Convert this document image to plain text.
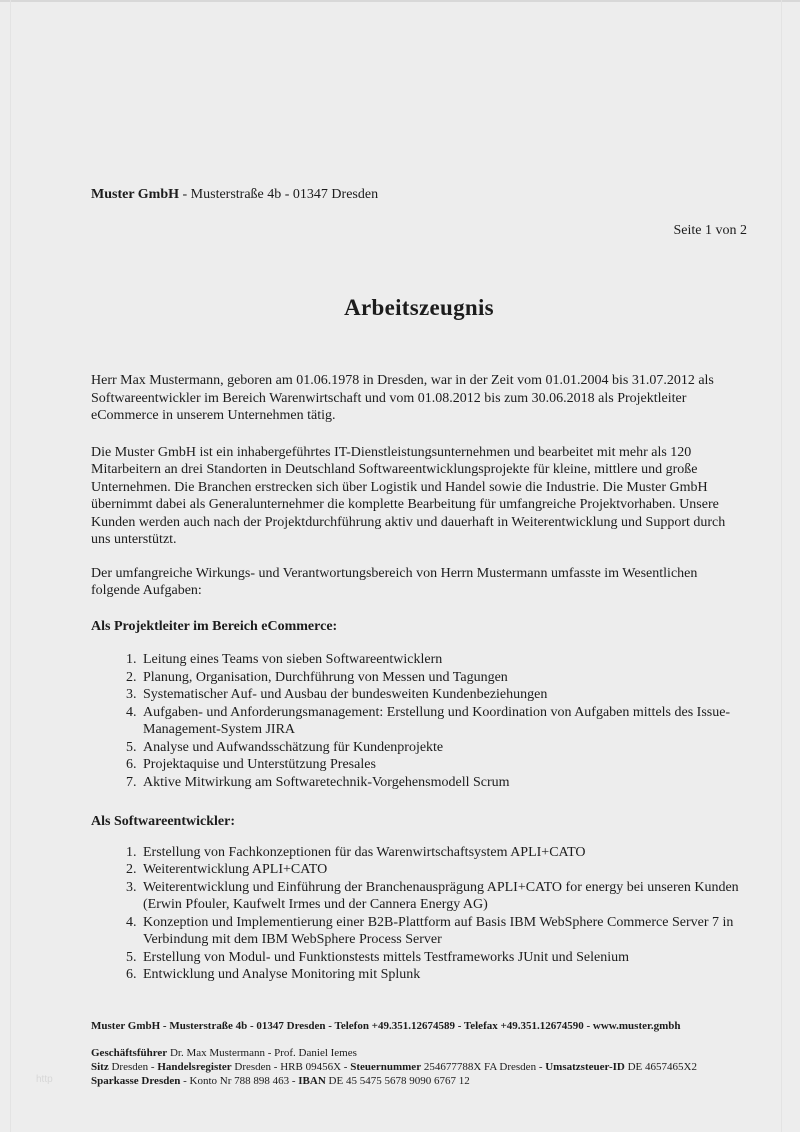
Muster GmbH - Musterstraße 4b - 01347 Dresden
Seite 1 von 2
Arbeitszeugnis

Herr Max Mustermann, geboren am 01.06.1978 in Dresden, war in der Zeit vom 01.01.2004 bis 31.07.2012 als Softwareentwickler im Bereich Warenwirtschaft und vom 01.08.2012 bis zum 30.06.2018 als Projektleiter eCommerce in unserem Unternehmen tätig.

Die Muster GmbH ist ein inhabergeführtes IT-Dienstleistungsunternehmen und bearbeitet mit mehr als 120 Mitarbeitern an drei Standorten in Deutschland Softwareentwicklungsprojekte für kleine, mittlere und große Unternehmen. Die Branchen erstrecken sich über Logistik und Handel sowie die Industrie. Die Muster GmbH übernimmt dabei als Generalunternehmer die komplette Bearbeitung für umfangreiche Projektvorhaben. Unsere Kunden werden auch nach der Projektdurchführung aktiv und dauerhaft in Weiterentwicklung und Support durch uns unterstützt.

Der umfangreiche Wirkungs- und Verantwortungsbereich von Herrn Mustermann umfasste im Wesentlichen folgende Aufgaben:

Als Projektleiter im Bereich eCommerce:
1. Leitung eines Teams von sieben Softwareentwicklern
2. Planung, Organisation, Durchführung von Messen und Tagungen
3. Systematischer Auf- und Ausbau der bundesweiten Kundenbeziehungen
4. Aufgaben- und Anforderungsmanagement: Erstellung und Koordination von Aufgaben mittels des Issue-Management-System JIRA
5. Analyse und Aufwandsschätzung für Kundenprojekte
6. Projektaquise und Unterstützung Presales
7. Aktive Mitwirkung am Softwaretechnik-Vorgehensmodell Scrum
Als Softwareentwickler:
1. Erstellung von Fachkonzeptionen für das Warenwirtschaftsystem APLI+CATO
2. Weiterentwicklung APLI+CATO
3. Weiterentwicklung und Einführung der Branchenausprägung APLI+CATO for energy bei unseren Kunden (Erwin Pfouler, Kaufwelt Irmes und der Cannera Energy AG)
4. Konzeption und Implementierung einer B2B-Plattform auf Basis IBM WebSphere Commerce Server 7 in Verbindung mit dem IBM WebSphere Process Server
5. Erstellung von Modul- und Funktionstests mittels Testframeworks JUnit und Selenium
6. Entwicklung und Analyse Monitoring mit Splunk
Muster GmbH - Musterstraße 4b - 01347 Dresden - Telefon +49.351.12674589 - Telefax +49.351.12674590 - www.muster.gmbh
Geschäftsführer Dr. Max Mustermann - Prof. Daniel Iemes
Sitz Dresden - Handelsregister Dresden - HRB 09456X - Steuernummer 254677788X FA Dresden - Umsatzsteuer-ID DE 4657465X2
Sparkasse Dresden - Konto Nr 788 898 463 - IBAN DE 45 5475 5678 9090 6767 12
http
